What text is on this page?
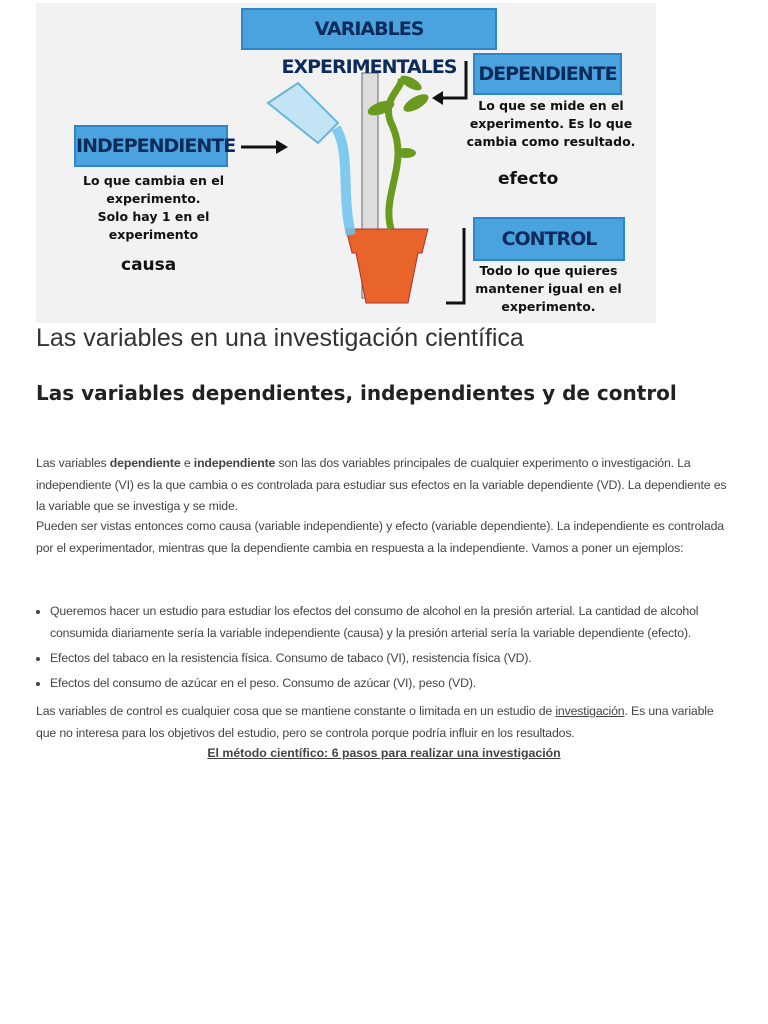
VARIABLES EXPERIMENTALES	DEPENDIENTE
INDEPENDIENTE
CONTROL
Lo que se mide en el
experimento. Es lo que
cambia como resultado.
efecto
Lo que cambia en el
experimento.
Solo hay 1 en el
experimento
causa	Todo lo que quieres
mantener igual en el
experimento.
Las variables en una investigación científica
Las variables dependientes, independientes y de control
Las variables dependiente e independiente son las dos variables principales de cualquier experimento o investigación. La independiente (VI) es la que cambia o es controlada para estudiar sus efectos en la variable dependiente (VD). La dependiente es la variable que se investiga y se mide.
Pueden ser vistas entonces como causa (variable independiente) y efecto (variable dependiente). La independiente es controlada por el experimentador, mientras que la dependiente cambia en respuesta a la independiente. Vamos a poner un ejemplos:
• Queremos hacer un estudio para estudiar los efectos del consumo de alcohol en la presión arterial. La cantidad de alcohol consumida diariamente sería la variable independiente (causa) y la presión arterial sería la variable dependiente (efecto).
• Efectos del tabaco en la resistencia física. Consumo de tabaco (VI), resistencia física (VD).
• Efectos del consumo de azúcar en el peso. Consumo de azúcar (VI), peso (VD).
Las variables de control es cualquier cosa que se mantiene constante o limitada en un estudio de investigación. Es una variable que no interesa para los objetivos del estudio, pero se controla porque podría influir en los resultados.
El método científico: 6 pasos para realizar una investigación
